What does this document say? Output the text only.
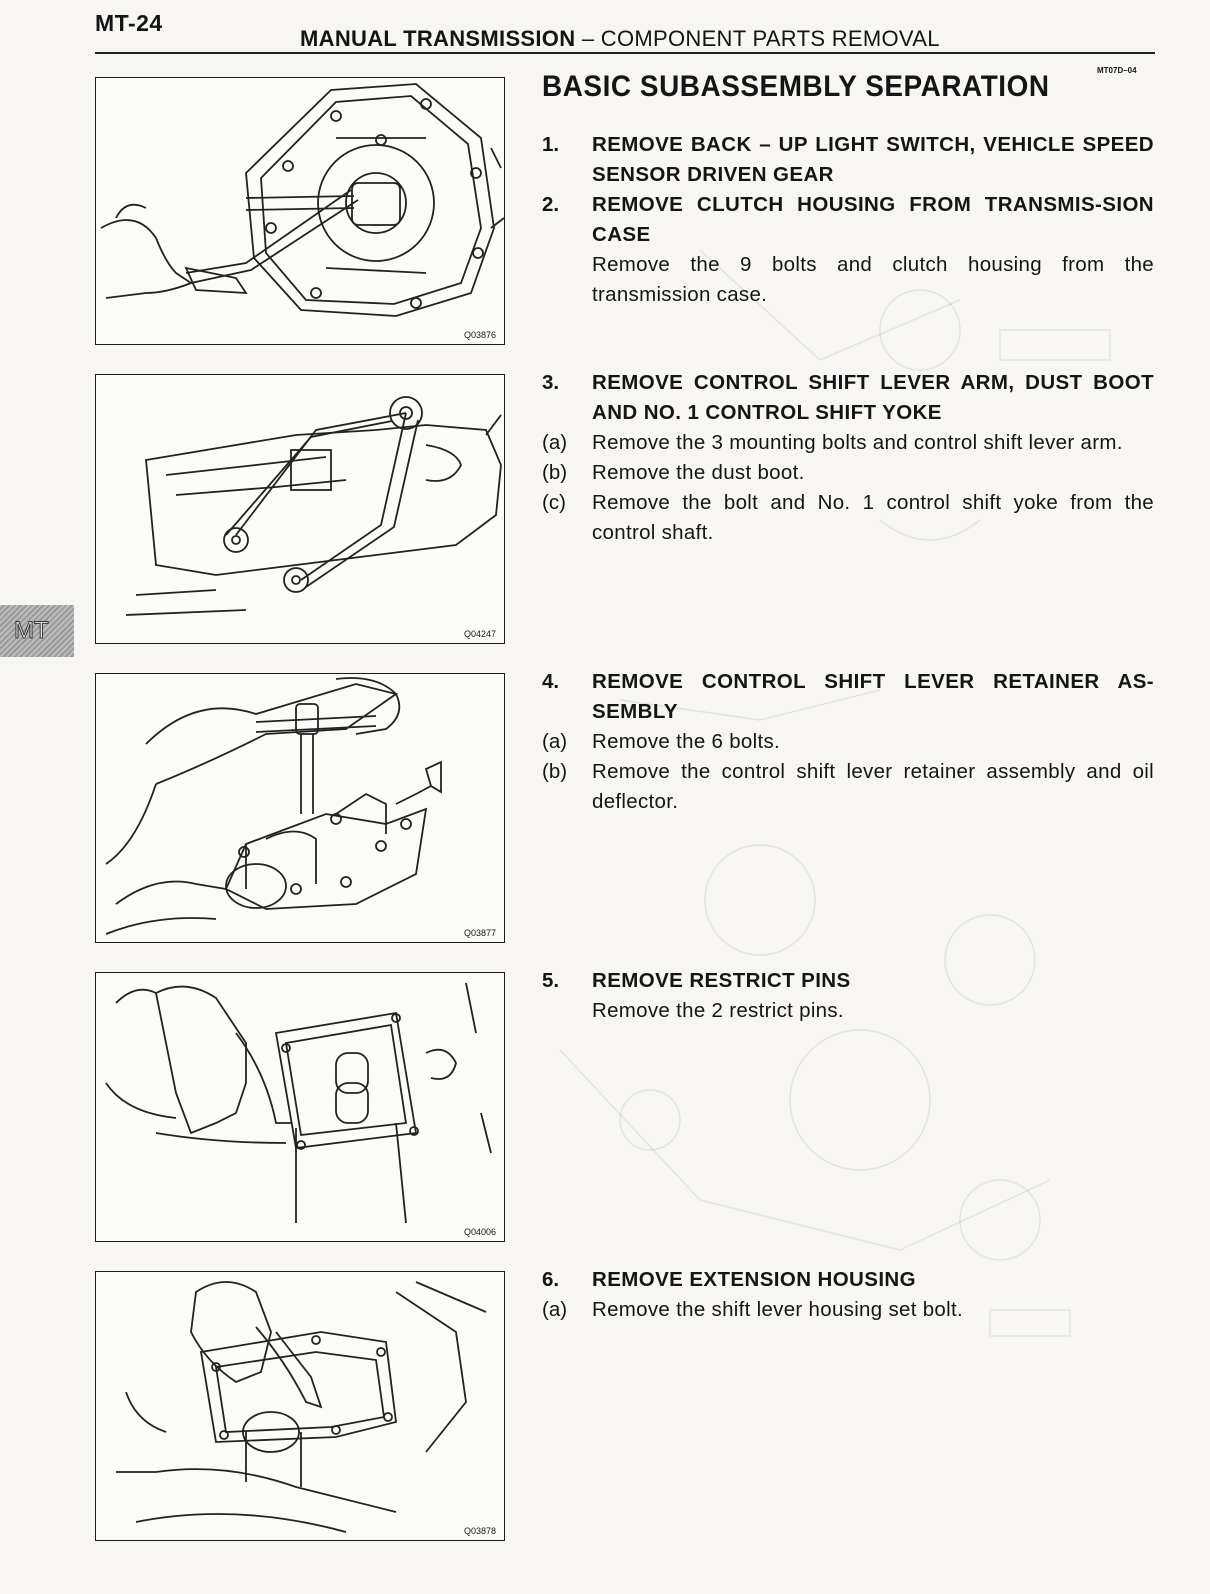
MT-24
MANUAL TRANSMISSION – COMPONENT PARTS REMOVAL
MT07D–04
BASIC SUBASSEMBLY SEPARATION
MT
Q03876
Q04247
Q03877
Q04006
Q03878
1.	REMOVE BACK – UP LIGHT SWITCH, VEHICLE SPEED SENSOR DRIVEN GEAR
2.	REMOVE CLUTCH HOUSING FROM TRANSMIS-SION CASE
Remove the 9 bolts and clutch housing from the transmission case.
3.	REMOVE CONTROL SHIFT LEVER ARM, DUST BOOT AND NO. 1 CONTROL SHIFT YOKE
(a)	Remove the 3 mounting bolts and control shift lever arm.
(b)	Remove the dust boot.
(c)	Remove the bolt and No. 1 control shift yoke from the control shaft.
4.	REMOVE CONTROL SHIFT LEVER RETAINER AS-SEMBLY
(a)	Remove the 6 bolts.
(b)	Remove the control shift lever retainer assembly and oil deflector.
5.	REMOVE RESTRICT PINS
Remove the 2 restrict pins.
6.	REMOVE EXTENSION HOUSING
(a)	Remove the shift lever housing set bolt.
